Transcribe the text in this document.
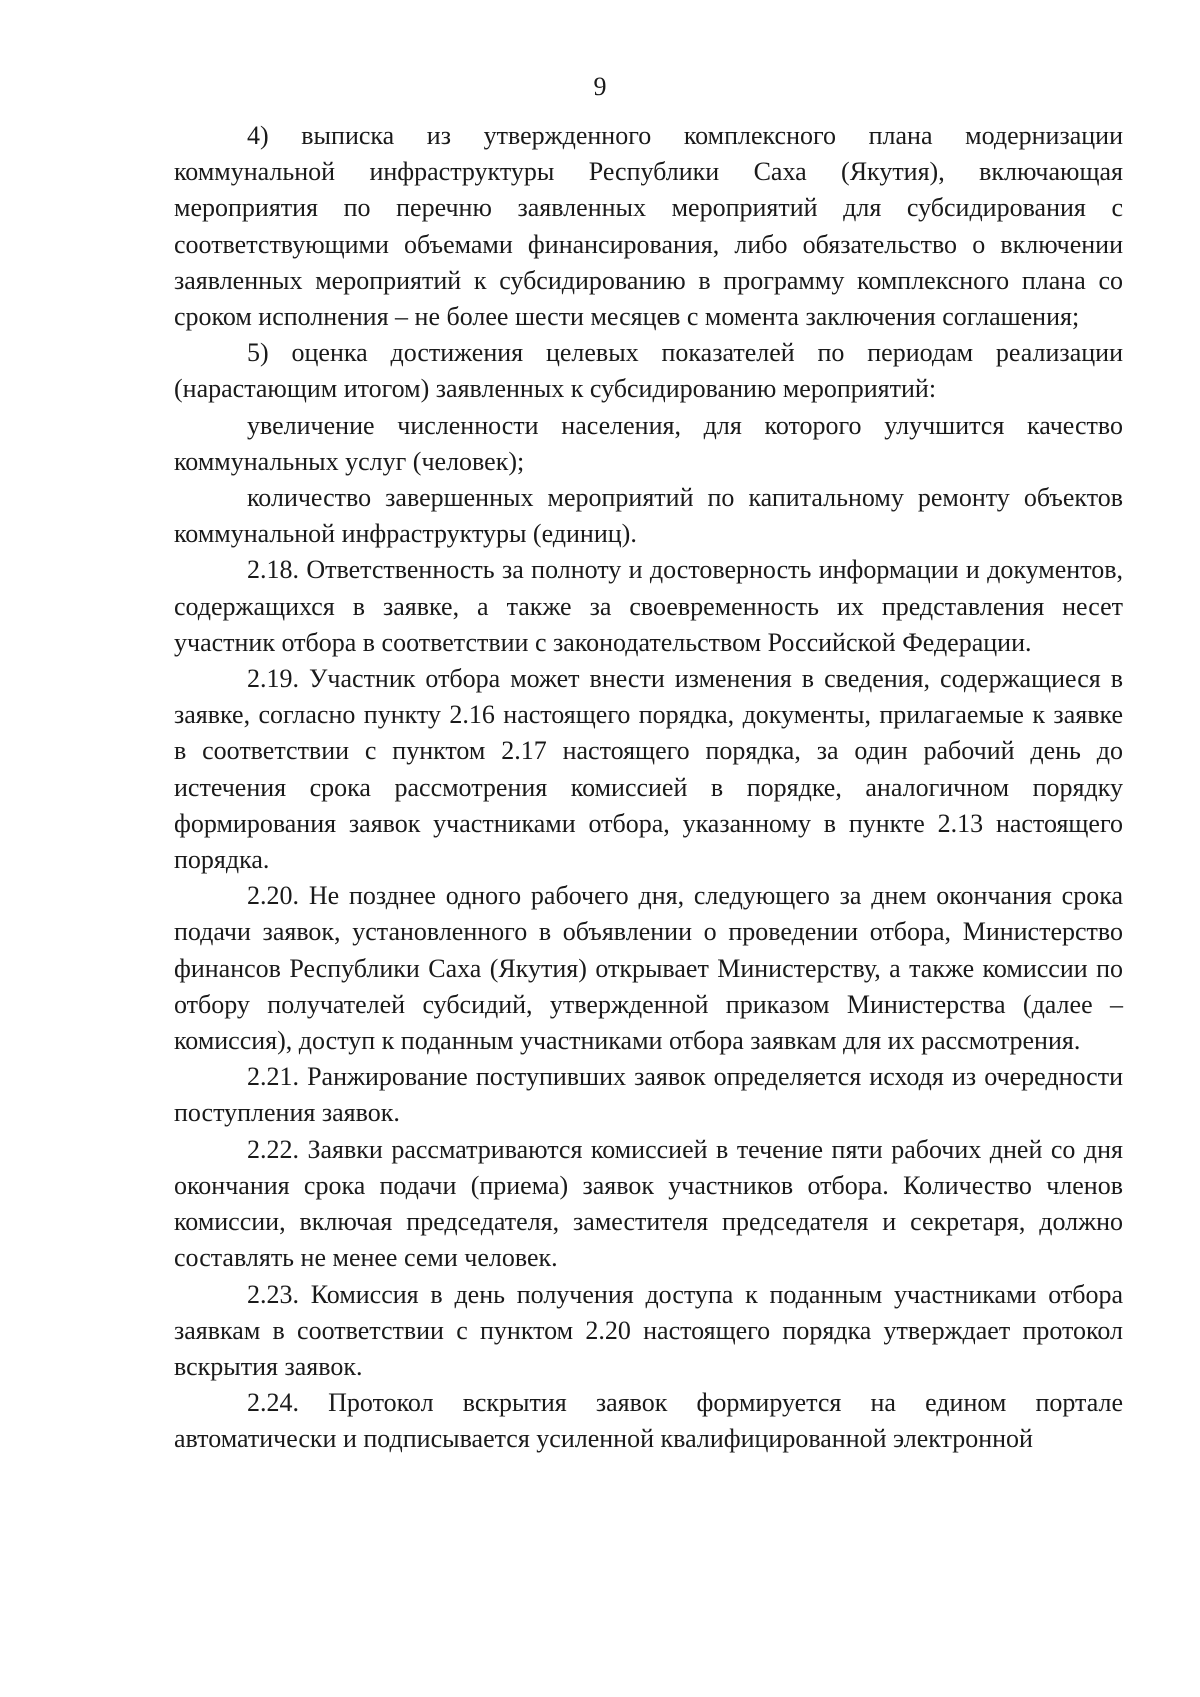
9

4) выписка из утвержденного комплексного плана модернизации коммунальной инфраструктуры Республики Саха (Якутия), включающая мероприятия по перечню заявленных мероприятий для субсидирования с соответствующими объемами финансирования, либо обязательство о включении заявленных мероприятий к субсидированию в программу комплексного плана со сроком исполнения – не более шести месяцев с момента заключения соглашения;

5) оценка достижения целевых показателей по периодам реализации (нарастающим итогом) заявленных к субсидированию мероприятий:

увеличение численности населения, для которого улучшится качество коммунальных услуг (человек);

количество завершенных мероприятий по капитальному ремонту объектов коммунальной инфраструктуры (единиц).

2.18. Ответственность за полноту и достоверность информации и документов, содержащихся в заявке, а также за своевременность их представления несет участник отбора в соответствии с законодательством Российской Федерации.

2.19. Участник отбора может внести изменения в сведения, содержащиеся в заявке, согласно пункту 2.16 настоящего порядка, документы, прилагаемые к заявке в соответствии с пунктом 2.17 настоящего порядка, за один рабочий день до истечения срока рассмотрения комиссией в порядке, аналогичном порядку формирования заявок участниками отбора, указанному в пункте 2.13 настоящего порядка.

2.20. Не позднее одного рабочего дня, следующего за днем окончания срока подачи заявок, установленного в объявлении о проведении отбора, Министерство финансов Республики Саха (Якутия) открывает Министерству, а также комиссии по отбору получателей субсидий, утвержденной приказом Министерства (далее – комиссия), доступ к поданным участниками отбора заявкам для их рассмотрения.

2.21. Ранжирование поступивших заявок определяется исходя из очередности поступления заявок.

2.22. Заявки рассматриваются комиссией в течение пяти рабочих дней со дня окончания срока подачи (приема) заявок участников отбора. Количество членов комиссии, включая председателя, заместителя председателя и секретаря, должно составлять не менее семи человек.

2.23. Комиссия в день получения доступа к поданным участниками отбора заявкам в соответствии с пунктом 2.20 настоящего порядка утверждает протокол вскрытия заявок.

2.24. Протокол вскрытия заявок формируется на едином портале автоматически и подписывается усиленной квалифицированной электронной
